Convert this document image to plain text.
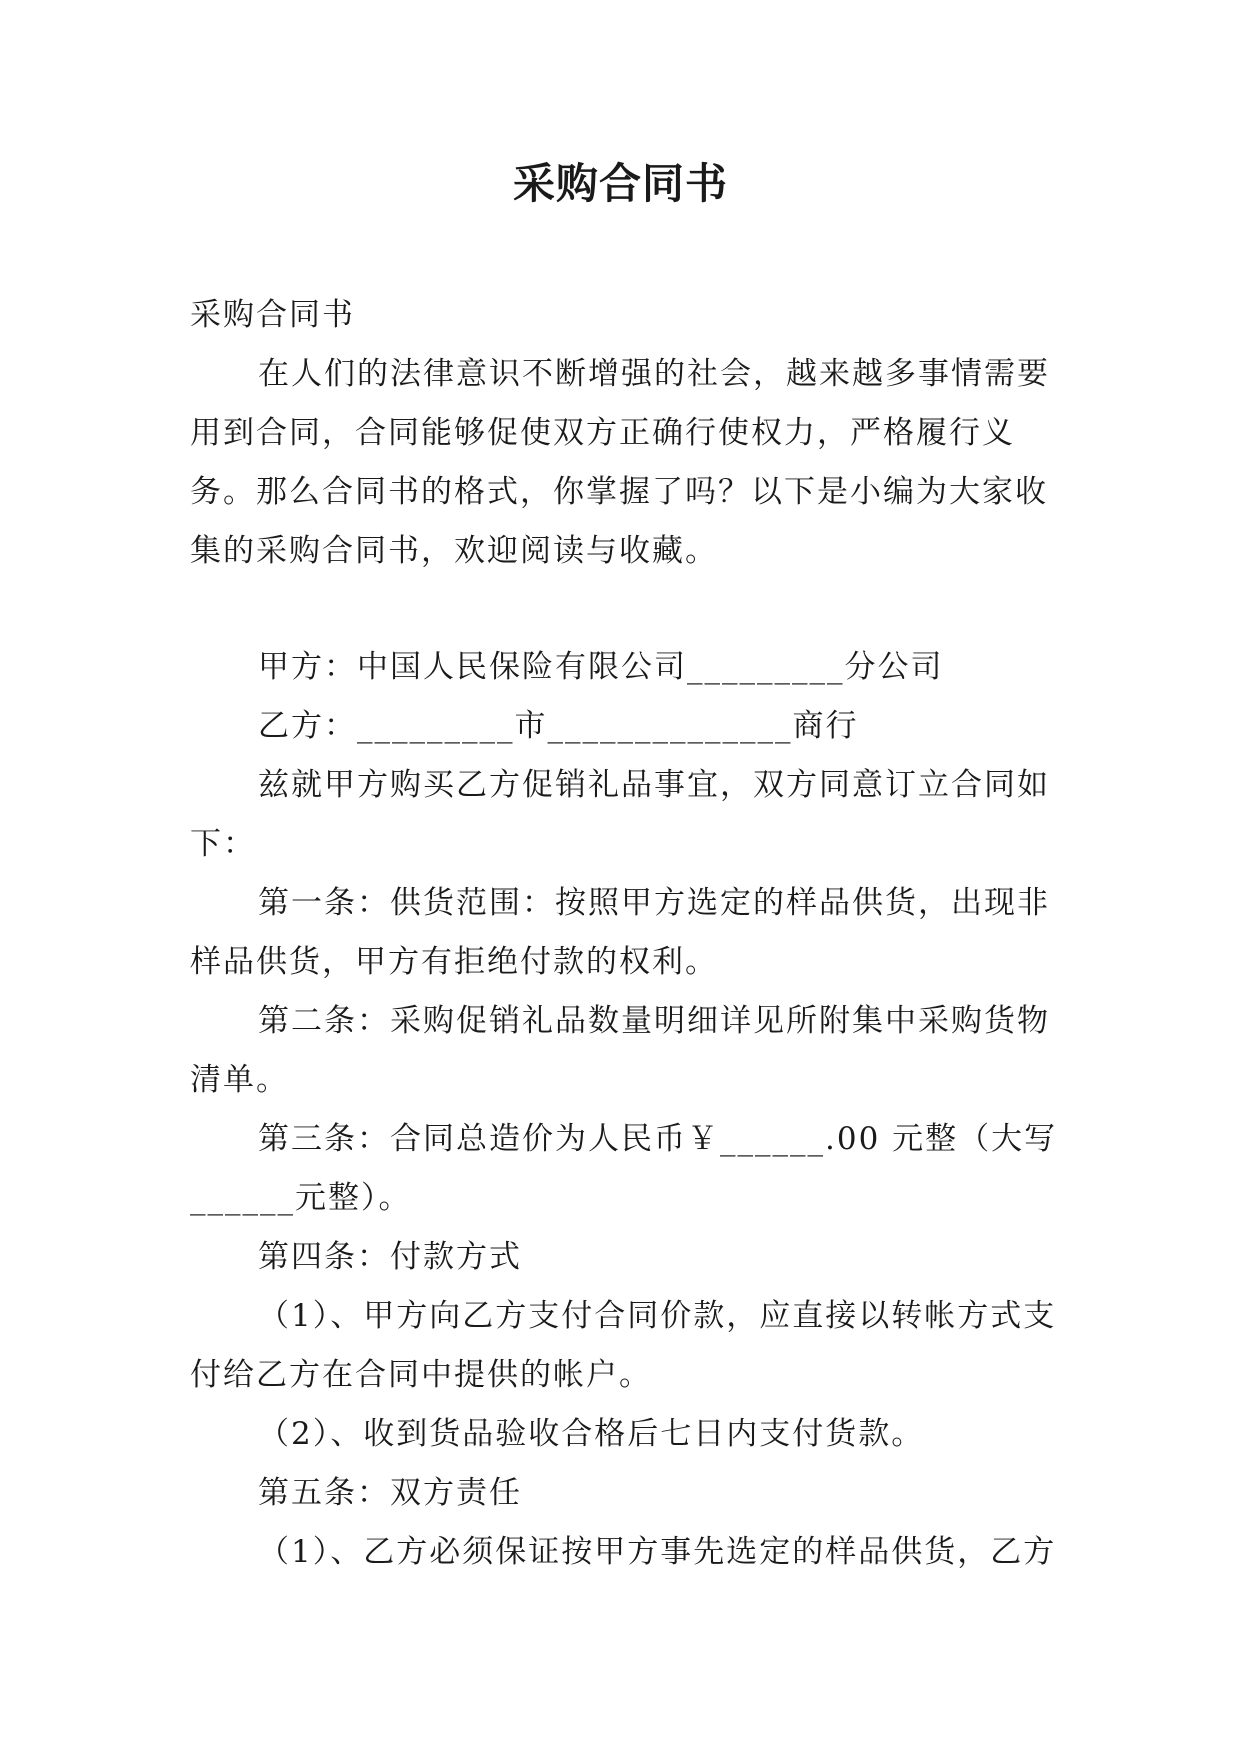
采购合同书

采购合同书

在人们的法律意识不断增强的社会，越来越多事情需要用到合同，合同能够促使双方正确行使权力，严格履行义务。那么合同书的格式，你掌握了吗？以下是小编为大家收集的采购合同书，欢迎阅读与收藏。

甲方：中国人民保险有限公司_________分公司

乙方：_________市______________商行

兹就甲方购买乙方促销礼品事宜，双方同意订立合同如下：

第一条：供货范围：按照甲方选定的样品供货，出现非样品供货，甲方有拒绝付款的权利。

第二条：采购促销礼品数量明细详见所附集中采购货物清单。

第三条：合同总造价为人民币￥______.00 元整（大写______元整）。

第四条：付款方式

（1）、甲方向乙方支付合同价款，应直接以转帐方式支付给乙方在合同中提供的帐户。

（2）、收到货品验收合格后七日内支付货款。

第五条：双方责任

（1）、乙方必须保证按甲方事先选定的样品供货，乙方
